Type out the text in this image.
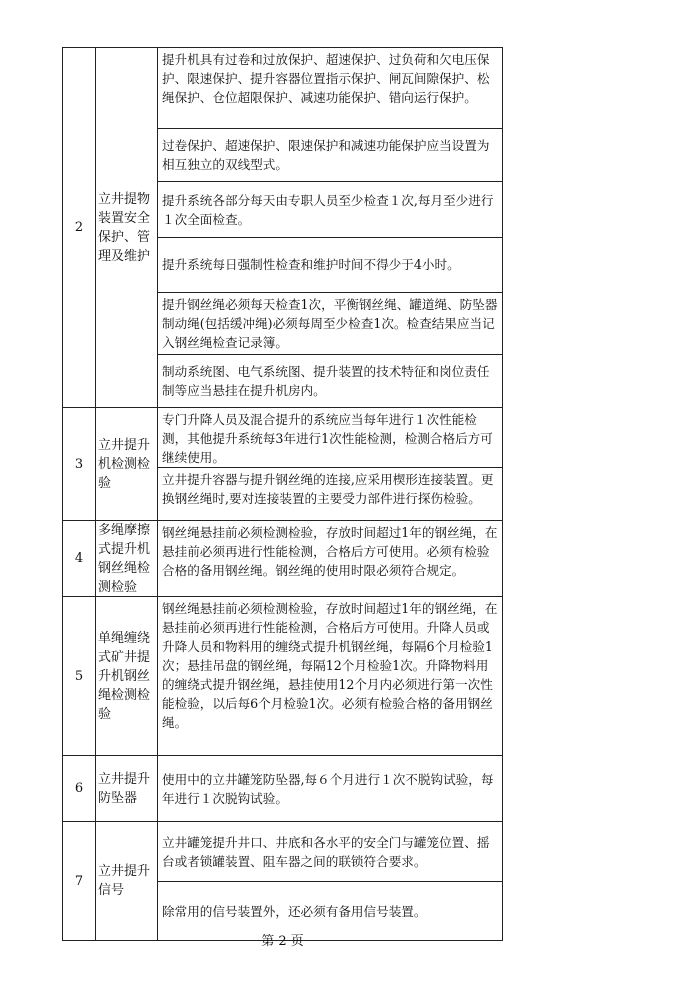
2
立井提物装置安全保护、管理及维护

提升机具有过卷和过放保护、超速保护、过负荷和欠电压保护、限速保护、提升容器位置指示保护、闸瓦间隙保护、松绳保护、仓位超限保护、减速功能保护、错向运行保护。

过卷保护、超速保护、限速保护和减速功能保护应当设置为相互独立的双线型式。

提升系统各部分每天由专职人员至少检查１次,每月至少进行１次全面检查。

提升系统每日强制性检查和维护时间不得少于4小时。

提升钢丝绳必须每天检查1次，平衡钢丝绳、罐道绳、防坠器制动绳(包括缓冲绳)必须每周至少检查1次。检查结果应当记入钢丝绳检查记录簿。

制动系统图、电气系统图、提升装置的技术特征和岗位责任制等应当悬挂在提升机房内。

3
立井提升机检测检验

专门升降人员及混合提升的系统应当每年进行１次性能检测，其他提升系统每3年进行1次性能检测，检测合格后方可继续使用。

立井提升容器与提升钢丝绳的连接,应采用楔形连接装置。更换钢丝绳时,要对连接装置的主要受力部件进行探伤检验。

4
多绳摩擦式提升机钢丝绳检测检验

钢丝绳悬挂前必须检测检验，存放时间超过1年的钢丝绳，在悬挂前必须再进行性能检测，合格后方可使用。必须有检验合格的备用钢丝绳。钢丝绳的使用时限必须符合规定。

5
单绳缠绕式矿井提升机钢丝绳检测检验

钢丝绳悬挂前必须检测检验，存放时间超过1年的钢丝绳，在悬挂前必须再进行性能检测，合格后方可使用。升降人员或升降人员和物料用的缠绕式提升机钢丝绳，每隔6个月检验1次；悬挂吊盘的钢丝绳，每隔12个月检验1次。升降物料用的缠绕式提升钢丝绳，悬挂使用12个月内必须进行第一次性能检验，以后每6个月检验1次。必须有检验合格的备用钢丝绳。

6
立井提升防坠器

使用中的立井罐笼防坠器,每６个月进行１次不脱钩试验，每年进行１次脱钩试验。

7
立井提升信号

立井罐笼提升井口、井底和各水平的安全门与罐笼位置、摇台或者锁罐装置、阻车器之间的联锁符合要求。

除常用的信号装置外，还必须有备用信号装置。

第 2 页
